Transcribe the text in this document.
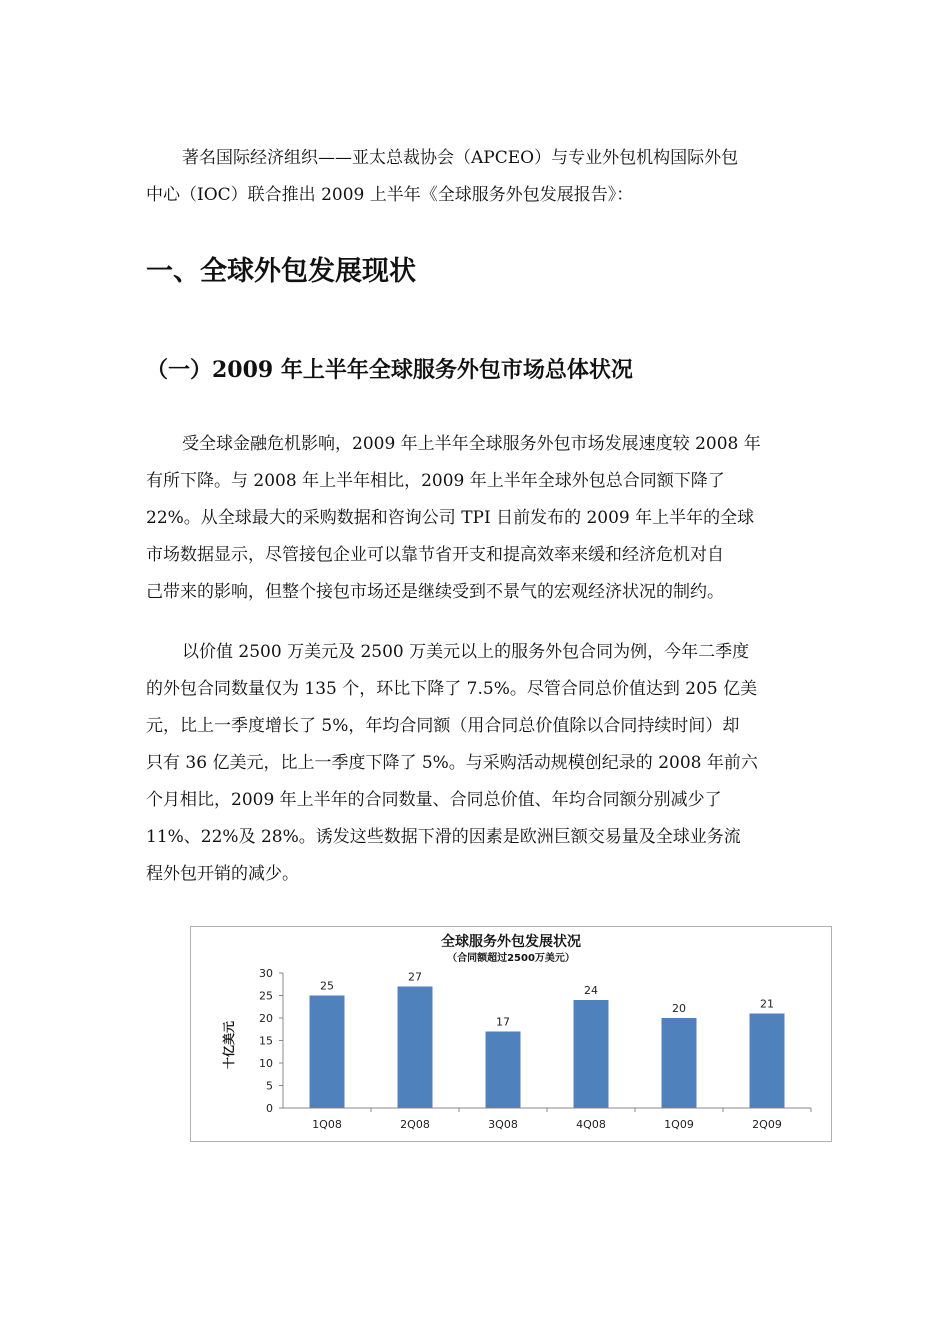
著名国际经济组织——亚太总裁协会（APCEO）与专业外包机构国际外包
中心（IOC）联合推出 2009 上半年《全球服务外包发展报告》：

一、全球外包发展现状
（一）2009 年上半年全球服务外包市场总体状况

受全球金融危机影响，2009 年上半年全球服务外包市场发展速度较 2008 年
有所下降。与 2008 年上半年相比，2009 年上半年全球外包总合同额下降了
22%。从全球最大的采购数据和咨询公司 TPI 日前发布的 2009 年上半年的全球
市场数据显示，尽管接包企业可以靠节省开支和提高效率来缓和经济危机对自
己带来的影响，但整个接包市场还是继续受到不景气的宏观经济状况的制约。

以价值 2500 万美元及 2500 万美元以上的服务外包合同为例，今年二季度
的外包合同数量仅为 135 个，环比下降了 7.5%。尽管合同总价值达到 205 亿美
元，比上一季度增长了 5%，年均合同额（用合同总价值除以合同持续时间）却
只有 36 亿美元，比上一季度下降了 5%。与采购活动规模创纪录的 2008 年前六
个月相比，2009 年上半年的合同数量、合同总价值、年均合同额分别减少了
11%、22%及 28%。诱发这些数据下滑的因素是欧洲巨额交易量及全球业务流
程外包开销的减少。

全球服务外包发展状况
（合同额超过2500万美元）
十亿美元
0
5
10
15
20
25
30
1Q08	2Q08	3Q08	4Q08	1Q09	2Q09
25
27
17
24
20	21
